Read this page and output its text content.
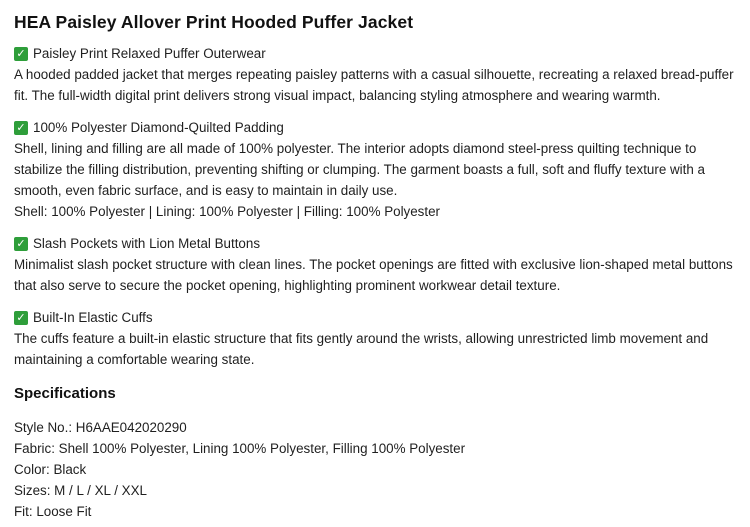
HEA Paisley Allover Print Hooded Puffer Jacket
✓ Paisley Print Relaxed Puffer Outerwear

A hooded padded jacket that merges repeating paisley patterns with a casual silhouette, recreating a relaxed bread-puffer fit. The full-width digital print delivers strong visual impact, balancing styling atmosphere and wearing warmth.

✓ 100% Polyester Diamond-Quilted Padding

Shell, lining and filling are all made of 100% polyester. The interior adopts diamond steel-press quilting technique to stabilize the filling distribution, preventing shifting or clumping. The garment boasts a full, soft and fluffy texture with a smooth, even fabric surface, and is easy to maintain in daily use.

Shell: 100% Polyester | Lining: 100% Polyester | Filling: 100% Polyester

✓ Slash Pockets with Lion Metal Buttons

Minimalist slash pocket structure with clean lines. The pocket openings are fitted with exclusive lion-shaped metal buttons that also serve to secure the pocket opening, highlighting prominent workwear detail texture.

✓ Built-In Elastic Cuffs

The cuffs feature a built-in elastic structure that fits gently around the wrists, allowing unrestricted limb movement and maintaining a comfortable wearing state.

Specifications

Style No.: H6AAE042020290

Fabric: Shell 100% Polyester, Lining 100% Polyester, Filling 100% Polyester

Color: Black

Sizes: M / L / XL / XXL

Fit: Loose Fit
